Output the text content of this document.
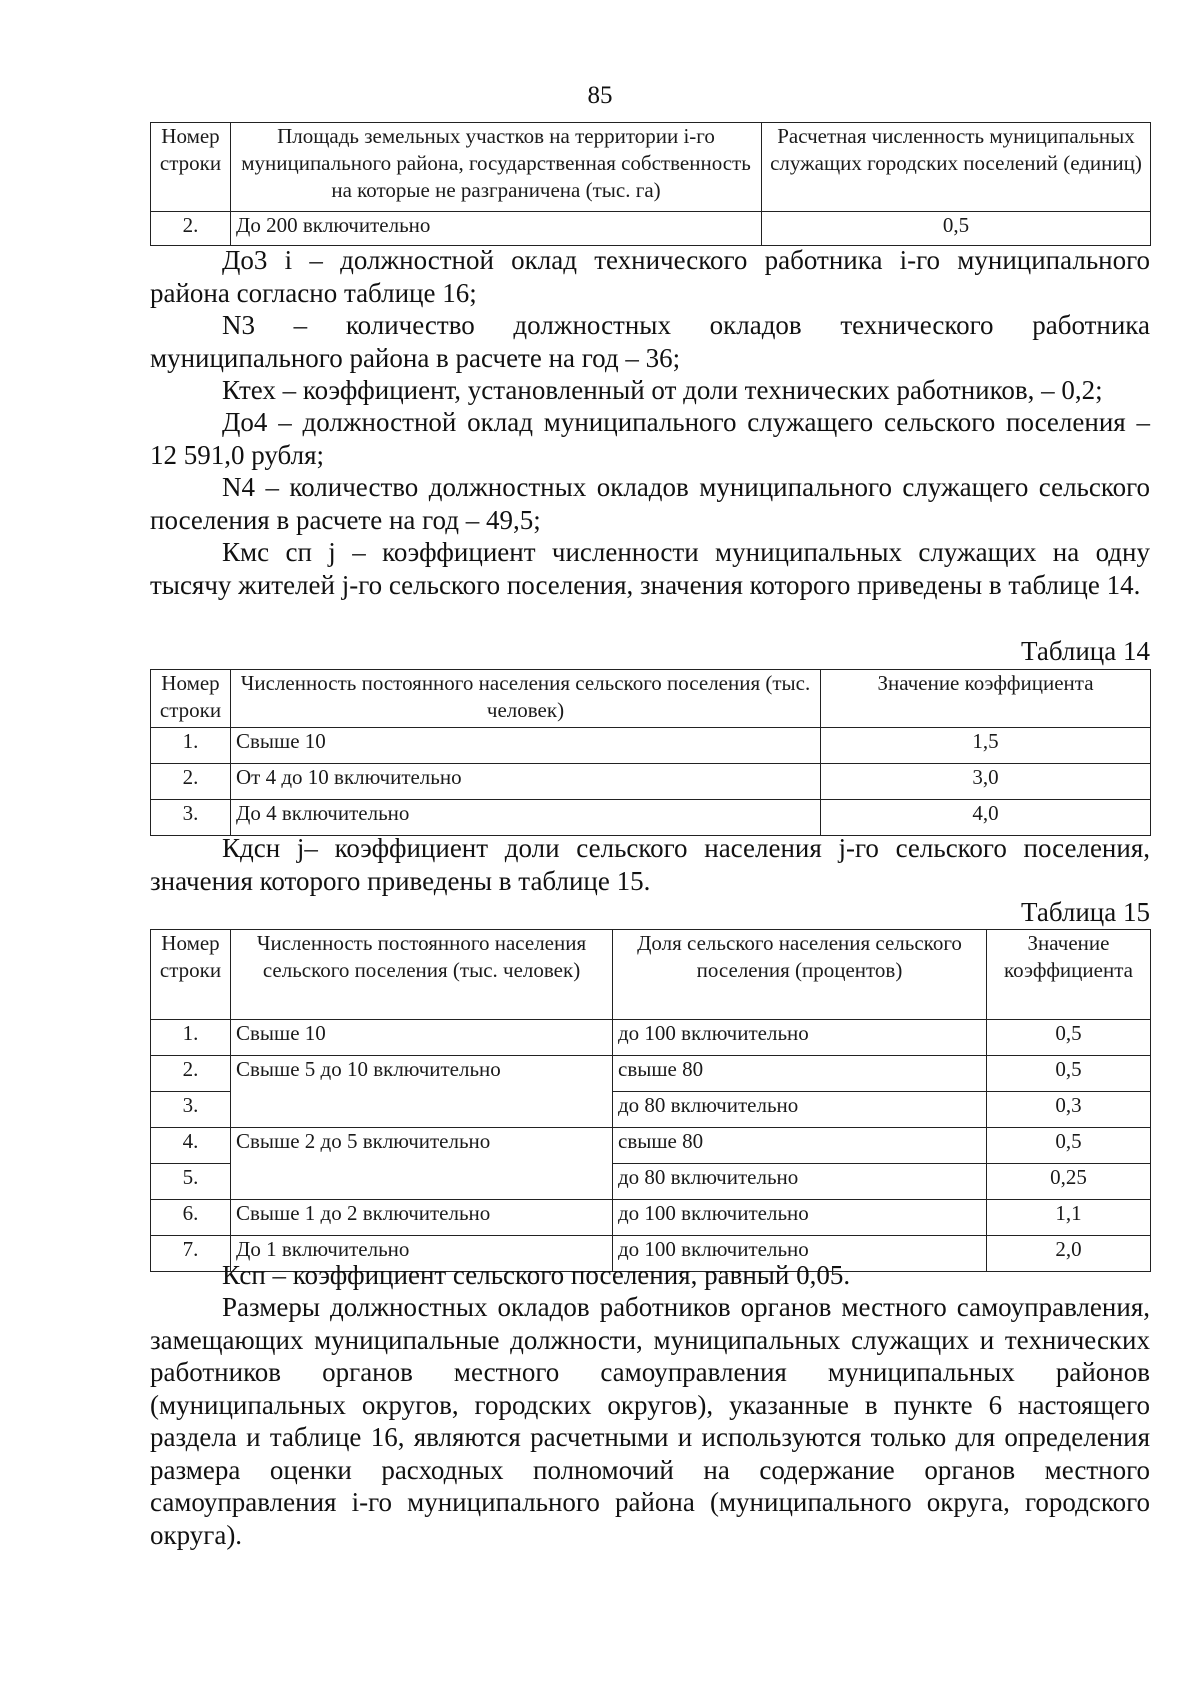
85
Номер строки	Площадь земельных участков на территории i-го муниципального района, государственная собственность на которые не разграничена (тыс. га)	Расчетная численность муниципальных служащих городских поселений (единиц)
2.	До 200 включительно	0,5

До3 i – должностной оклад технического работника i-го муниципального района согласно таблице 16;

N3 – количество должностных окладов технического работника муниципального района в расчете на год – 36;

Ктех – коэффициент, установленный от доли технических работников, – 0,2;

До4 – должностной оклад муниципального служащего сельского поселения – 12 591,0 рубля;

N4 – количество должностных окладов муниципального служащего сельского поселения в расчете на год – 49,5;

Кмс сп j – коэффициент численности муниципальных служащих на одну тысячу жителей j-го сельского поселения, значения которого приведены в таблице 14.

Таблица 14
Номер строки	Численность постоянного населения сельского поселения (тыс. человек)	Значение коэффициента
1.	Свыше 10	1,5
2.	От 4 до 10 включительно	3,0
3.	До 4 включительно	4,0

Кдсн j– коэффициент доли сельского населения j-го сельского поселения, значения которого приведены в таблице 15.

Таблица 15
Номер строки	Численность постоянного населения сельского поселения (тыс. человек)	Доля сельского населения сельского поселения (процентов)	Значение коэффициента
1.	Свыше 10	до 100 включительно	0,5
2.	Свыше 5 до 10 включительно	свыше 80	0,5
3.		до 80 включительно	0,3
4.	Свыше 2 до 5 включительно	свыше 80	0,5
5.		до 80 включительно	0,25
6.	Свыше 1 до 2 включительно	до 100 включительно	1,1
7.	До 1 включительно	до 100 включительно	2,0

Ксп – коэффициент сельского поселения, равный 0,05.

Размеры должностных окладов работников органов местного самоуправления, замещающих муниципальные должности, муниципальных служащих и технических работников органов местного самоуправления муниципальных районов (муниципальных округов, городских округов), указанные в пункте 6 настоящего раздела и таблице 16, являются расчетными и используются только для определения размера оценки расходных полномочий на содержание органов местного самоуправления i-го муниципального района (муниципального округа, городского округа).
